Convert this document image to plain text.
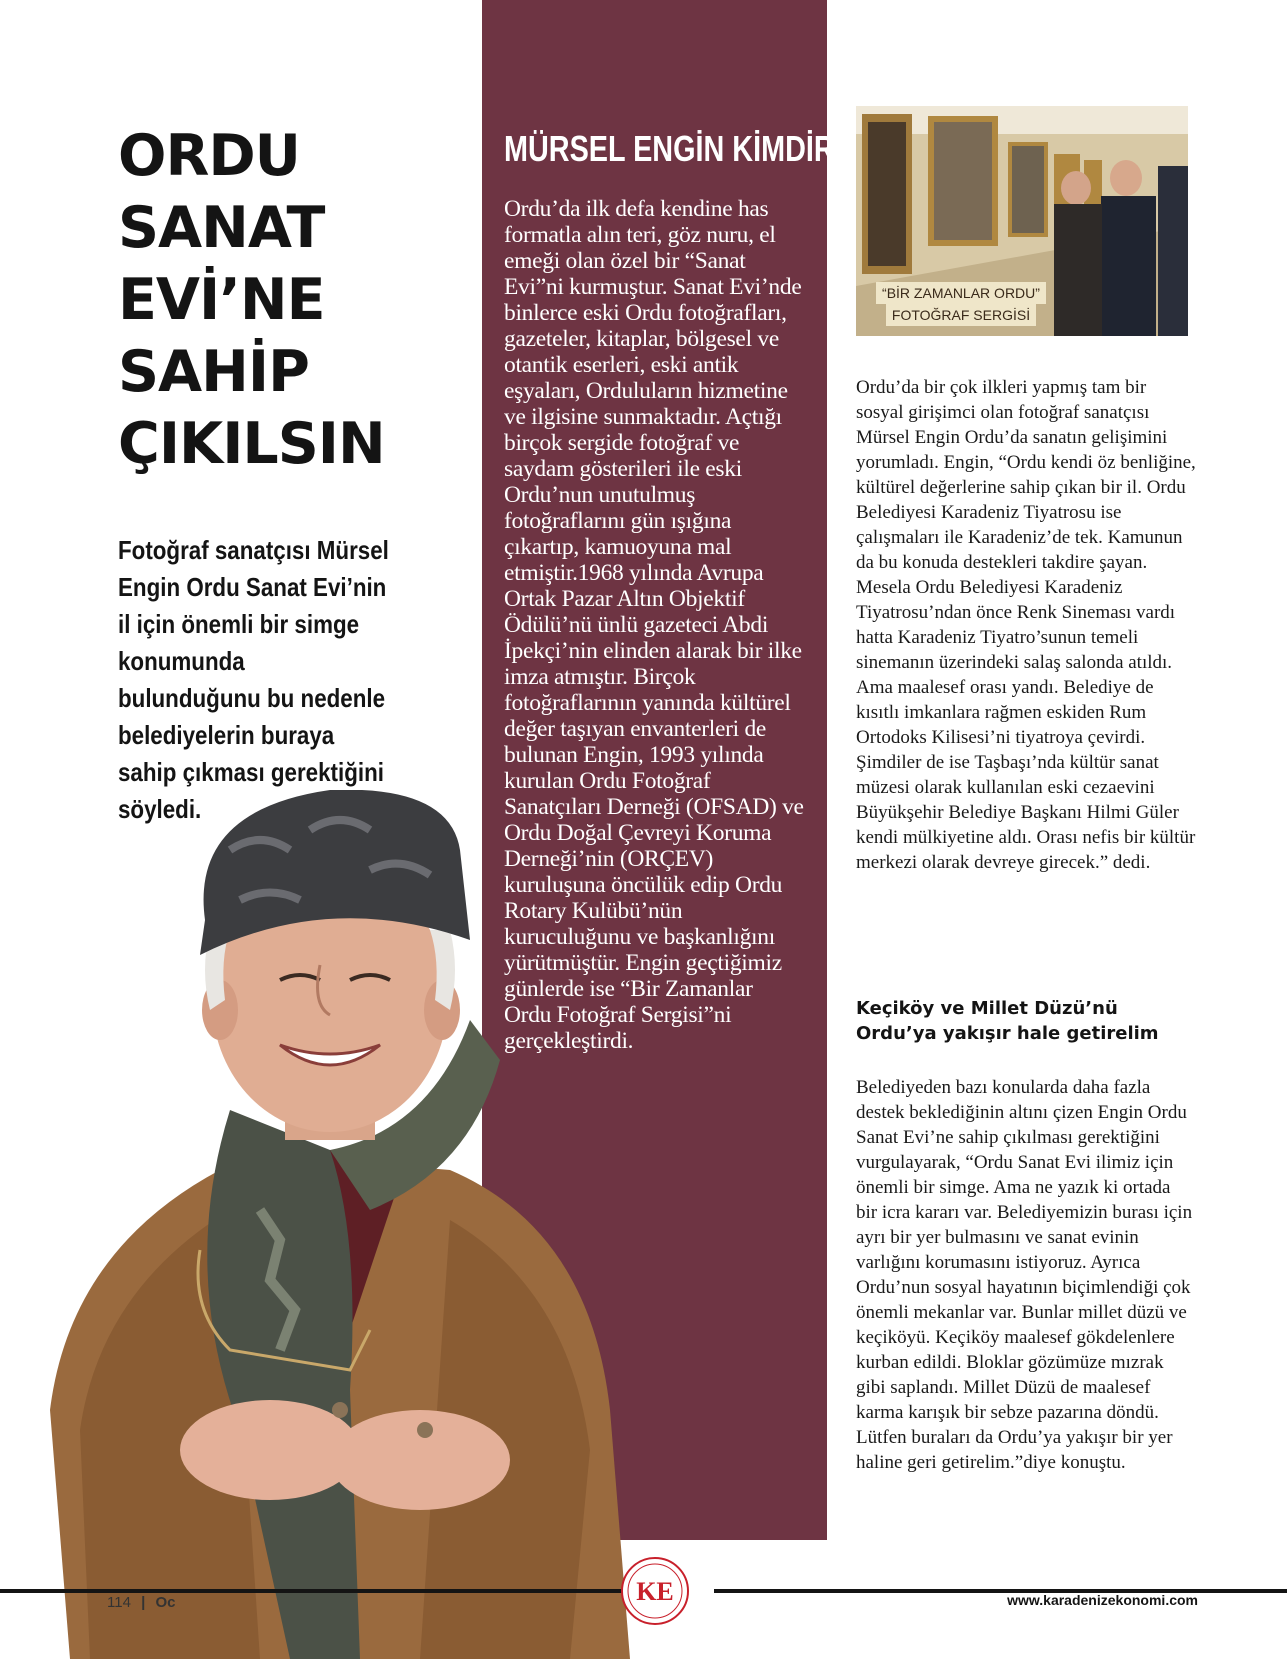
ORDU
SANAT
EVİ’NE
SAHİP
ÇIKILSIN

Fotoğraf sanatçısı Mürsel Engin Ordu Sanat Evi’nin il için önemli bir simge konumunda bulunduğunu bu nedenle belediyelerin buraya sahip çıkması gerektiğini söyledi.

MÜRSEL ENGİN KİMDİR?

Ordu’da ilk defa kendine has formatla alın teri, göz nuru, el emeği olan özel bir “Sanat Evi”ni kurmuştur. Sanat Evi’nde binlerce eski Ordu fotoğrafları, gazeteler, kitaplar, bölgesel ve otantik eserleri, eski antik eşyaları, Orduluların hizmetine ve ilgisine sunmaktadır. Açtığı birçok sergide fotoğraf ve saydam gösterileri ile eski Ordu’nun unutulmuş fotoğraflarını gün ışığına çıkartıp, kamuoyuna mal etmiştir.1968 yılında Avrupa Ortak Pazar Altın Objektif Ödülü’nü ünlü gazeteci Abdi İpekçi’nin elinden alarak bir ilke imza atmıştır. Birçok fotoğraflarının yanında kültürel değer taşıyan envanterleri de bulunan Engin, 1993 yılında kurulan Ordu Fotoğraf Sanatçıları Derneği (OFSAD) ve Ordu Doğal Çevreyi Koruma Derneği’nin (ORÇEV) kuruluşuna öncülük edip Ordu Rotary Kulübü’nün kuruculuğunu ve başkanlığını yürütmüştür. Engin geçtiğimiz günlerde ise “Bir Zamanlar Ordu Fotoğraf Sergisi”ni gerçekleştirdi.

“BİR ZAMANLAR ORDU”
FOTOĞRAF SERGİSİ

Ordu’da bir çok ilkleri yapmış tam bir sosyal girişimci olan fotoğraf sanatçısı Mürsel Engin Ordu’da sanatın gelişimini yorumladı. Engin, “Ordu kendi öz benliğine, kültürel değerlerine sahip çıkan bir il. Ordu Belediyesi Karadeniz Tiyatrosu ise çalışmaları ile Karadeniz’de tek. Kamunun da bu konuda destekleri takdire şayan. Mesela Ordu Belediyesi Karadeniz Tiyatrosu’ndan önce Renk Sineması vardı hatta Karadeniz Tiyatro’sunun temeli sinemanın üzerindeki salaş salonda atıldı. Ama maalesef orası yandı. Belediye de kısıtlı imkanlara rağmen eskiden Rum Ortodoks Kilisesi’ni tiyatroya çevirdi. Şimdiler de ise Taşbaşı’nda kültür sanat müzesi olarak kullanılan eski cezaevini Büyükşehir Belediye Başkanı Hilmi Güler kendi mülkiyetine aldı. Orası nefis bir kültür merkezi olarak devreye girecek.” dedi.

Keçiköy ve Millet Düzü’nü Ordu’ya yakışır hale getirelim

Belediyeden bazı konularda daha fazla destek beklediğinin altını çizen Engin Ordu Sanat Evi’ne sahip çıkılması gerektiğini vurgulayarak, “Ordu Sanat Evi ilimiz için önemli bir simge. Ama ne yazık ki ortada bir icra kararı var. Belediyemizin burası için ayrı bir yer bulmasını ve sanat evinin varlığını korumasını istiyoruz. Ayrıca Ordu’nun sosyal hayatının biçimlendiği çok önemli mekanlar var. Bunlar millet düzü ve keçiköyü. Keçiköy maalesef gökdelenlere kurban edildi. Bloklar gözümüze mızrak gibi saplandı. Millet Düzü de maalesef karma karışık bir sebze pazarına döndü. Lütfen buraları da Ordu’ya yakışır bir yer haline geri getirelim.”diye konuştu.

114 | Oc	www.karadenizekonomi.com
KE
